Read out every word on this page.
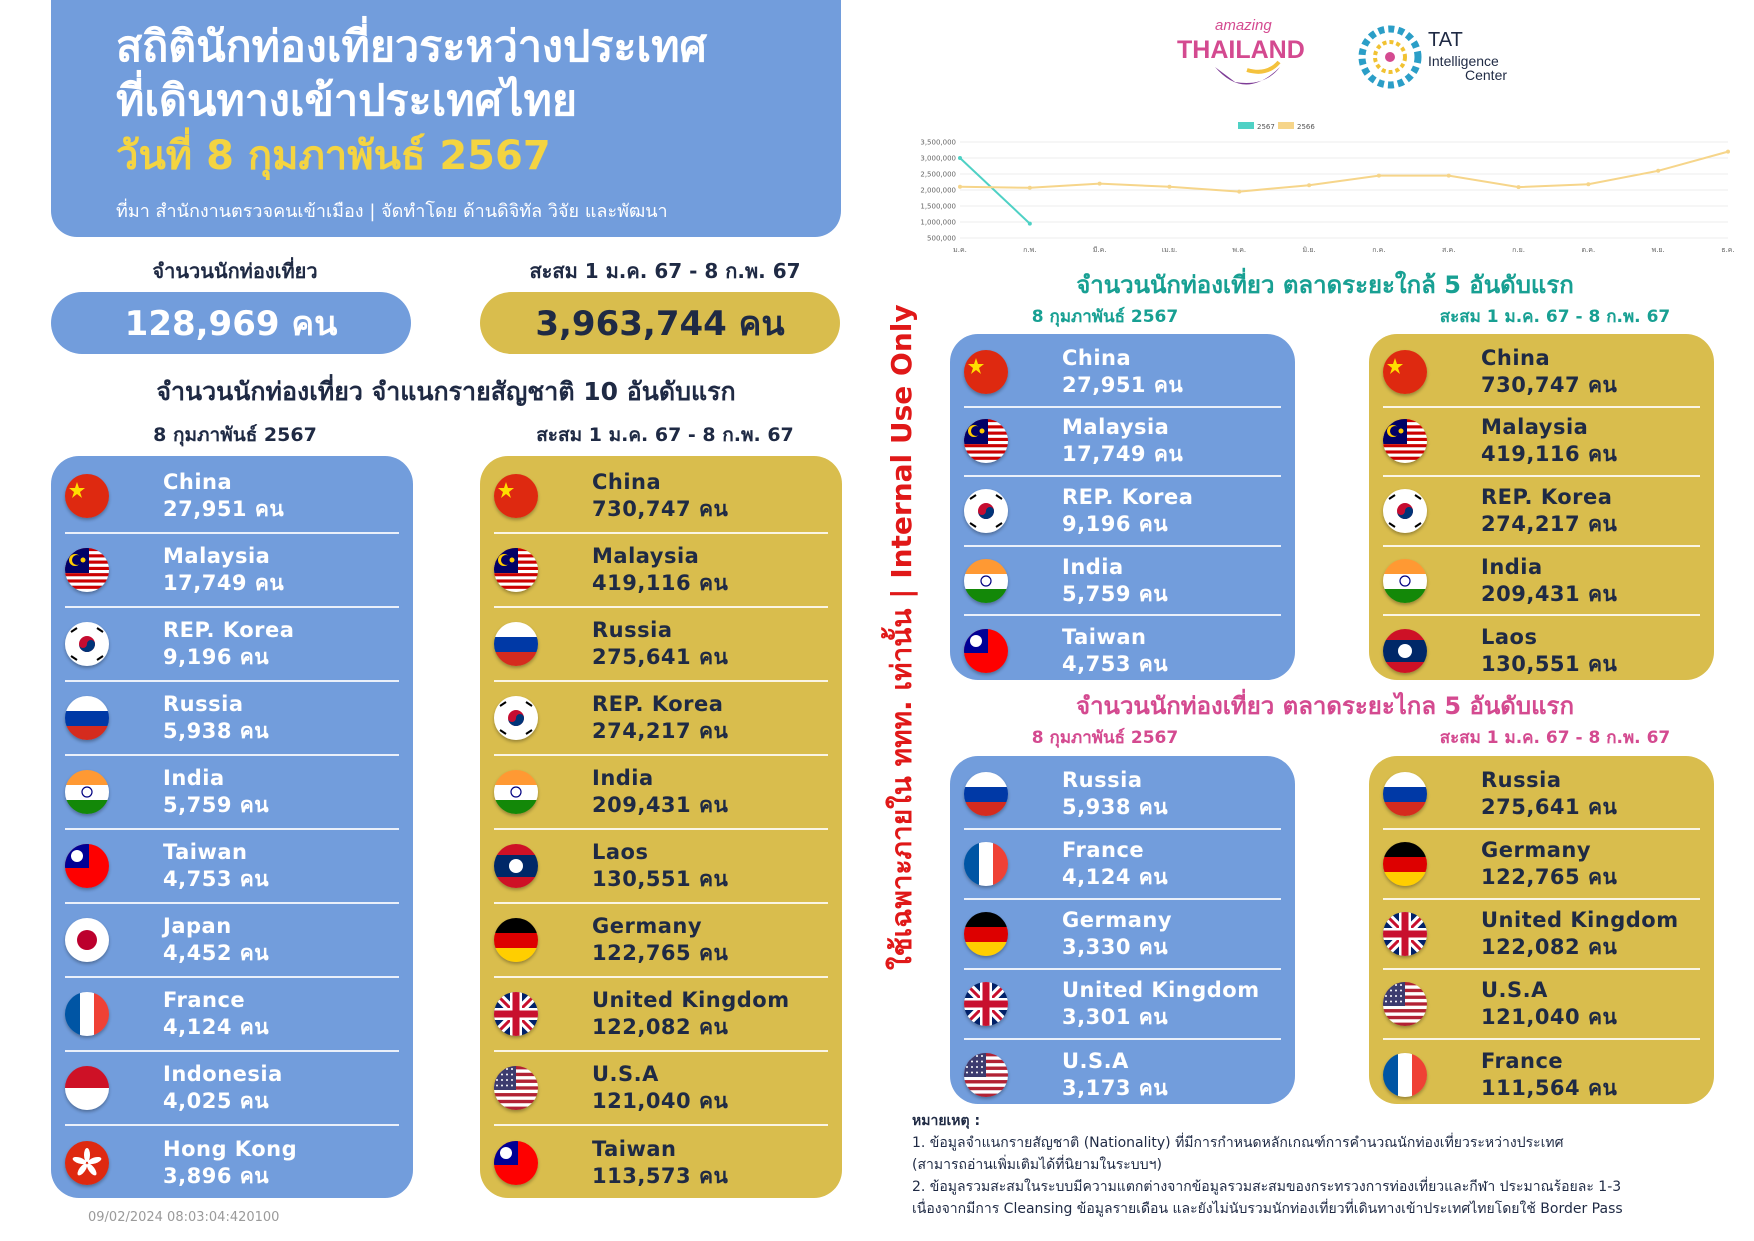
สถิตินักท่องเที่ยวระหว่างประเทศ
ที่เดินทางเข้าประเทศไทย
วันที่ 8 กุมภาพันธ์ 2567
ที่มา สำนักงานตรวจคนเข้าเมือง | จัดทำโดย ด้านดิจิทัล วิจัย และพัฒนา
จำนวนนักท่องเที่ยว	สะสม 1 ม.ค. 67 - 8 ก.พ. 67
128,969 คน	3,963,744 คน
จำนวนนักท่องเที่ยว จำแนกรายสัญชาติ 10 อันดับแรก
8 กุมภาพันธ์ 2567	สะสม 1 ม.ค. 67 - 8 ก.พ. 67
China
27,951 คน
Malaysia
17,749 คน
REP. Korea
9,196 คน
Russia
5,938 คน
India
5,759 คน
Taiwan
4,753 คน
Japan
4,452 คน
France
4,124 คน
Indonesia
4,025 คน
Hong Kong
3,896 คน
China
730,747 คน
Malaysia
419,116 คน
Russia
275,641 คน
REP. Korea
274,217 คน
India
209,431 คน
Laos
130,551 คน
Germany
122,765 คน
United Kingdom
122,082 คน
U.S.A
121,040 คน
Taiwan
113,573 คน
ใช้เฉพาะภายใน ททท. เท่านั้น | Internal Use Only
amazing
THAILAND	TAT
Intelligence
Center
2567	2566
3,500,000
3,000,000
2,500,000
2,000,000
1,500,000
1,000,000
500,000
ม.ค.	ก.พ.	มี.ค.	เม.ย.	พ.ค.	มิ.ย.	ก.ค.	ส.ค.	ก.ย.	ต.ค.	พ.ย.	ธ.ค.
จำนวนนักท่องเที่ยว ตลาดระยะใกล้ 5 อันดับแรก
8 กุมภาพันธ์ 2567	สะสม 1 ม.ค. 67 - 8 ก.พ. 67
China
27,951 คน
Malaysia
17,749 คน
REP. Korea
9,196 คน
India
5,759 คน
Taiwan
4,753 คน
China
730,747 คน
Malaysia
419,116 คน
REP. Korea
274,217 คน
India
209,431 คน
Laos
130,551 คน
จำนวนนักท่องเที่ยว ตลาดระยะไกล 5 อันดับแรก
8 กุมภาพันธ์ 2567	สะสม 1 ม.ค. 67 - 8 ก.พ. 67
Russia
5,938 คน
France
4,124 คน
Germany
3,330 คน
United Kingdom
3,301 คน
U.S.A
3,173 คน
Russia
275,641 คน
Germany
122,765 คน
United Kingdom
122,082 คน
U.S.A
121,040 คน
France
111,564 คน
หมายเหตุ :
1. ข้อมูลจำแนกรายสัญชาติ (Nationality) ที่มีการกำหนดหลักเกณฑ์การคำนวณนักท่องเที่ยวระหว่างประเทศ
(สามารถอ่านเพิ่มเติมได้ที่นิยามในระบบฯ)
2. ข้อมูลรวมสะสมในระบบมีความแตกต่างจากข้อมูลรวมสะสมของกระทรวงการท่องเที่ยวและกีฬา ประมาณร้อยละ 1-3
เนื่องจากมีการ Cleansing ข้อมูลรายเดือน และยังไม่นับรวมนักท่องเที่ยวที่เดินทางเข้าประเทศไทยโดยใช้ Border Pass
09/02/2024 08:03:04:420100
